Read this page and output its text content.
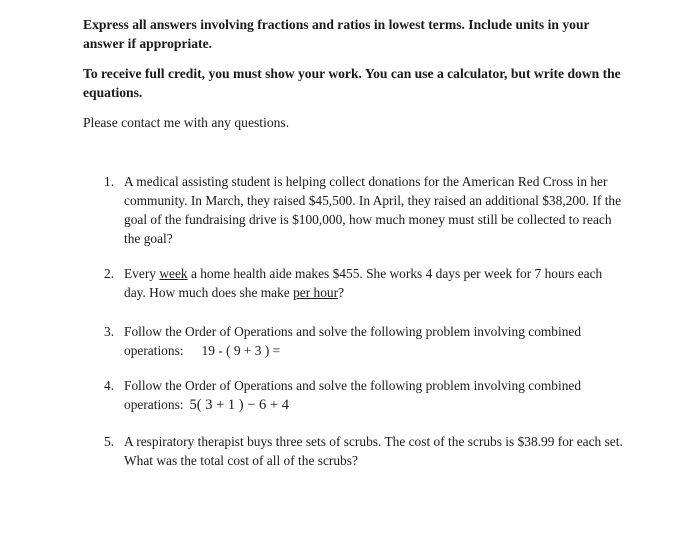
Express all answers involving fractions and ratios in lowest terms. Include units in your answer if appropriate.
To receive full credit, you must show your work. You can use a calculator, but write down the equations.
Please contact me with any questions.
1. A medical assisting student is helping collect donations for the American Red Cross in her community. In March, they raised $45,500. In April, they raised an additional $38,200. If the goal of the fundraising drive is $100,000, how much money must still be collected to reach the goal?
2. Every week a home health aide makes $455. She works 4 days per week for 7 hours each day. How much does she make per hour?
3. Follow the Order of Operations and solve the following problem involving combined operations: 19 - ( 9 + 3 ) =
4. Follow the Order of Operations and solve the following problem involving combined operations: 5( 3 + 1 ) − 6 + 4
5. A respiratory therapist buys three sets of scrubs. The cost of the scrubs is $38.99 for each set. What was the total cost of all of the scrubs?
